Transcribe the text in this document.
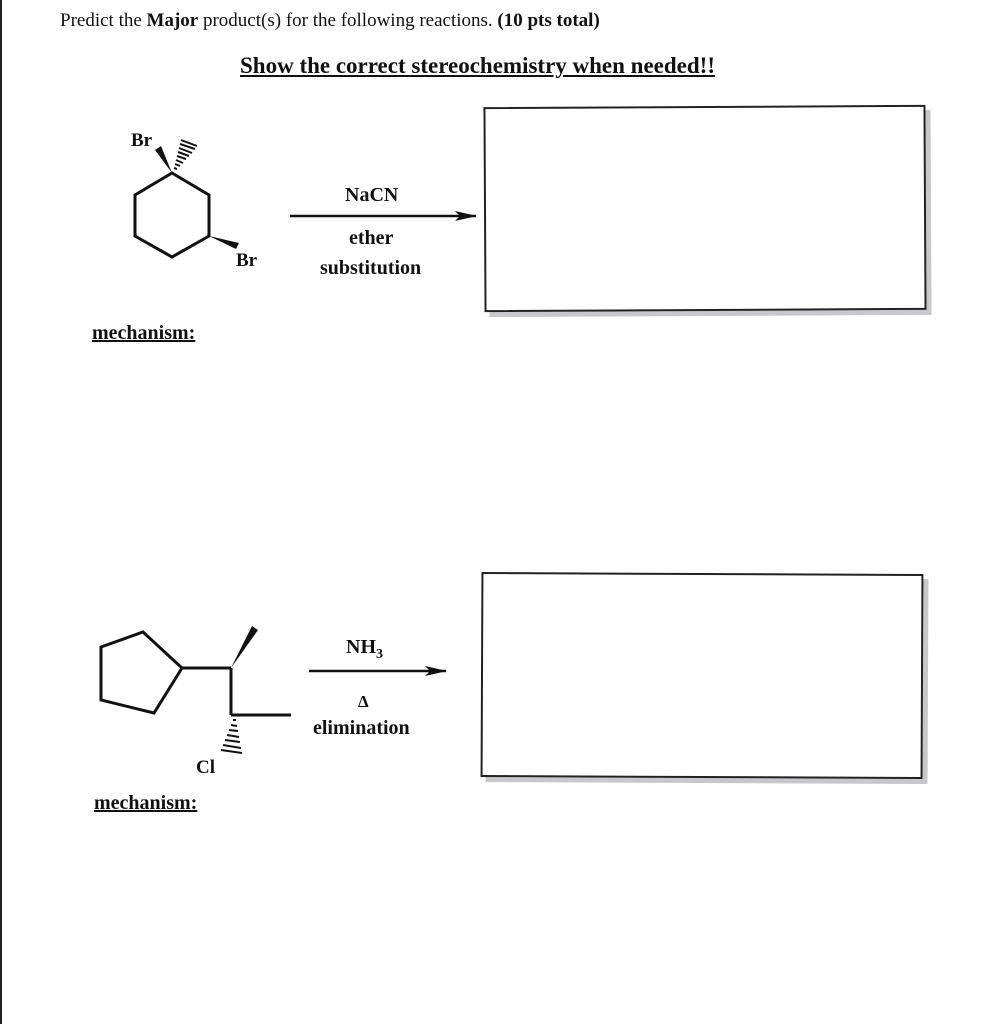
Predict the Major product(s) for the following reactions. (10 pts total)
Show the correct stereochemistry when needed!!
Br
Br
Cl
NaCN
ether
substitution
mechanism:
$NH_3$
Δ
elimination
mechanism:
